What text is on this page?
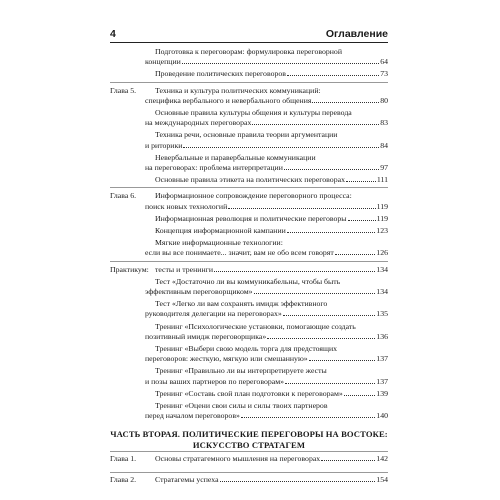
4	Оглавление
Подготовка к переговорам: формулировка переговорной
концепции	64
Проведение политических переговоров	73
Глава 5. Техника и культура политических коммуникаций:
специфика вербального и невербального общения	80
Основные правила культуры общения и культуры перевода
на международных переговорах	83
Техника речи, основные правила теории аргументации
и риторики	84
Невербальные и паравербальные коммуникации
на переговорах: проблема интерпретации	97
Основные правила этикета на политических переговорах	111
Глава 6. Информационное сопровождение переговорного процесса:
поиск новых технологий	119
Информационная революция и политические переговоры	119
Концепция информационной кампании	123
Мягкие информационные технологии:
если вы все понимаете... значит, вам не обо всем говорят	126
Практикум: тесты и тренинги	134
Тест «Достаточно ли вы коммуникабельны, чтобы быть
эффективным переговорщиком»	134
Тест «Легко ли вам сохранять имидж эффективного
руководителя делегации на переговорах»	135
Тренинг «Психологические установки, помогающие создать
позитивный имидж переговорщика»	136
Тренинг «Выбери свою модель торга для предстоящих
переговоров: жесткую, мягкую или смешанную»	137
Тренинг «Правильно ли вы интерпретируете жесты
и позы ваших партнеров по переговорам»	137
Тренинг «Составь свой план подготовки к переговорам»	139
Тренинг «Оцени свои силы и силы твоих партнеров
перед началом переговоров»	140
ЧАСТЬ ВТОРАЯ. ПОЛИТИЧЕСКИЕ ПЕРЕГОВОРЫ НА ВОСТОКЕ:
ИСКУССТВО СТРАТАГЕМ
Глава 1. Основы стратагемного мышления на переговорах	142
Глава 2. Стратагемы успеха	154
